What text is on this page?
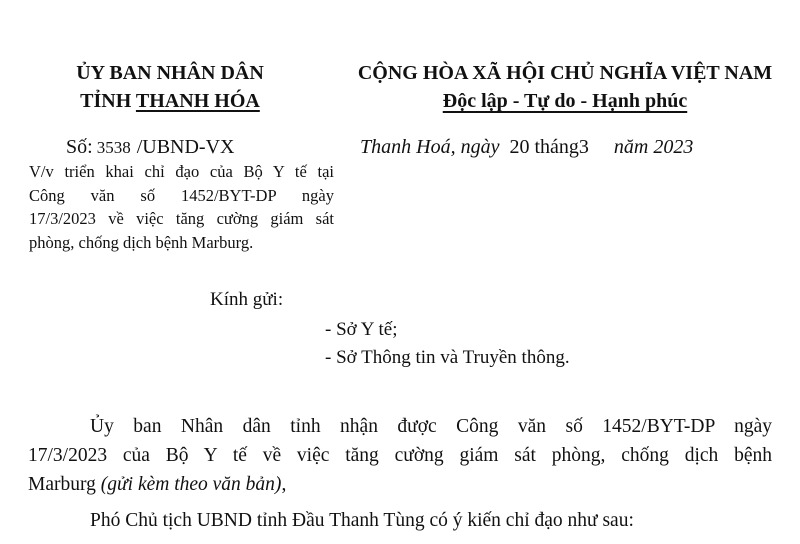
ỦY BAN NHÂN DÂN
TỈNH THANH HÓA
CỘNG HÒA XÃ HỘI CHỦ NGHĨA VIỆT NAM
Độc lập - Tự do - Hạnh phúc
Số: 3538 /UBND-VX	Thanh Hoá, ngày 20 tháng3 năm 2023
V/v triển khai chỉ đạo của Bộ Y tế tại
Công văn số 1452/BYT-DP ngày
17/3/2023 về việc tăng cường giám sát
phòng, chống dịch bệnh Marburg.
Kính gửi:
- Sở Y tế;
- Sở Thông tin và Truyền thông.
Ủy ban Nhân dân tỉnh nhận được Công văn số 1452/BYT-DP ngày
17/3/2023 của Bộ Y tế về việc tăng cường giám sát phòng, chống dịch bệnh
Marburg (gửi kèm theo văn bản),
Phó Chủ tịch UBND tỉnh Đầu Thanh Tùng có ý kiến chỉ đạo như sau:
